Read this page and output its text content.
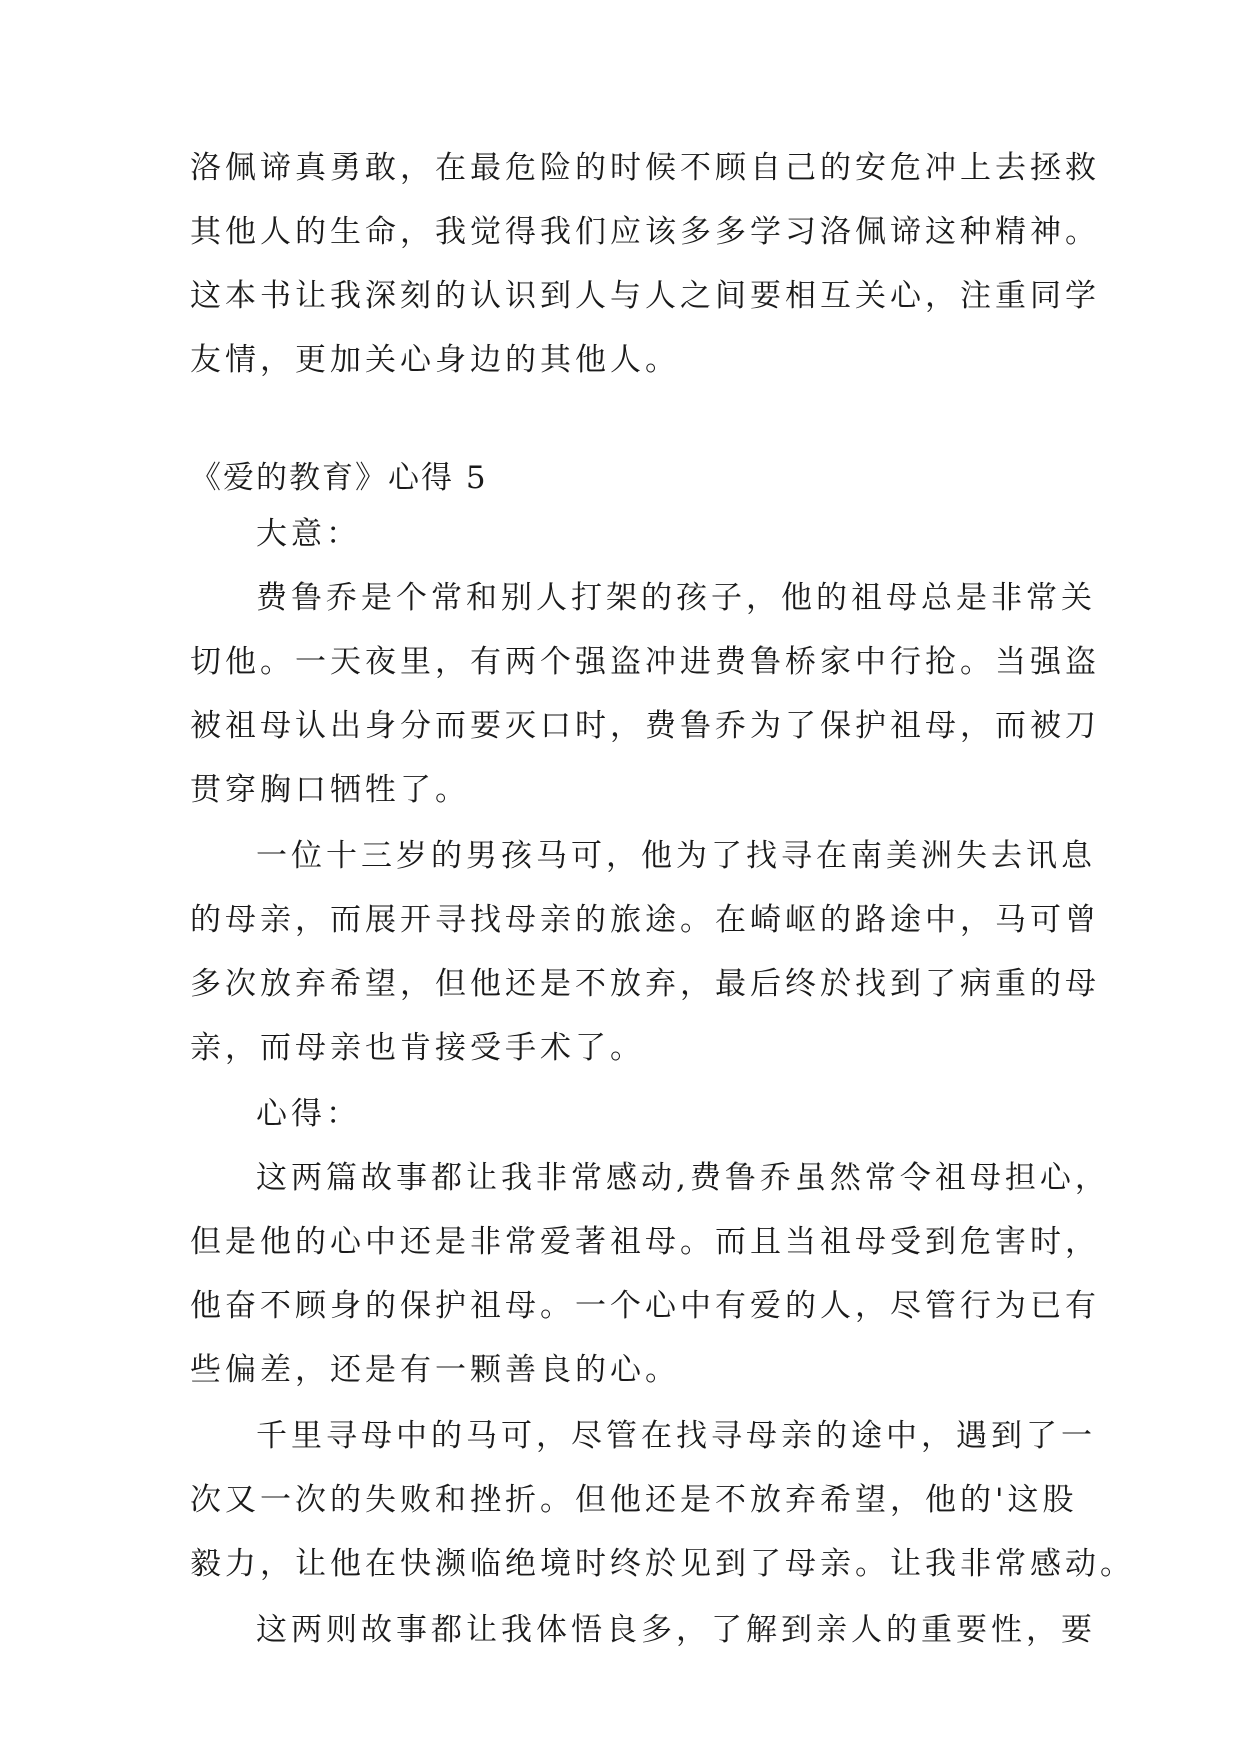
洛佩谛真勇敢，在最危险的时候不顾自己的安危冲上去拯救
其他人的生命，我觉得我们应该多多学习洛佩谛这种精神。
这本书让我深刻的认识到人与人之间要相互关心，注重同学
友情，更加关心身边的其他人。
《爱的教育》心得 5
大意：
费鲁乔是个常和别人打架的孩子，他的祖母总是非常关
切他。一天夜里，有两个强盗冲进费鲁桥家中行抢。当强盗
被祖母认出身分而要灭口时，费鲁乔为了保护祖母，而被刀
贯穿胸口牺牲了。
一位十三岁的男孩马可，他为了找寻在南美洲失去讯息
的母亲，而展开寻找母亲的旅途。在崎岖的路途中，马可曾
多次放弃希望，但他还是不放弃，最后终於找到了病重的母
亲，而母亲也肯接受手术了。
心得：
这两篇故事都让我非常感动,费鲁乔虽然常令祖母担心，
但是他的心中还是非常爱著祖母。而且当祖母受到危害时，
他奋不顾身的保护祖母。一个心中有爱的人，尽管行为已有
些偏差，还是有一颗善良的心。
千里寻母中的马可，尽管在找寻母亲的途中，遇到了一
次又一次的失败和挫折。但他还是不放弃希望，他的'这股
毅力，让他在快濒临绝境时终於见到了母亲。让我非常感动。
这两则故事都让我体悟良多，了解到亲人的重要性，要
